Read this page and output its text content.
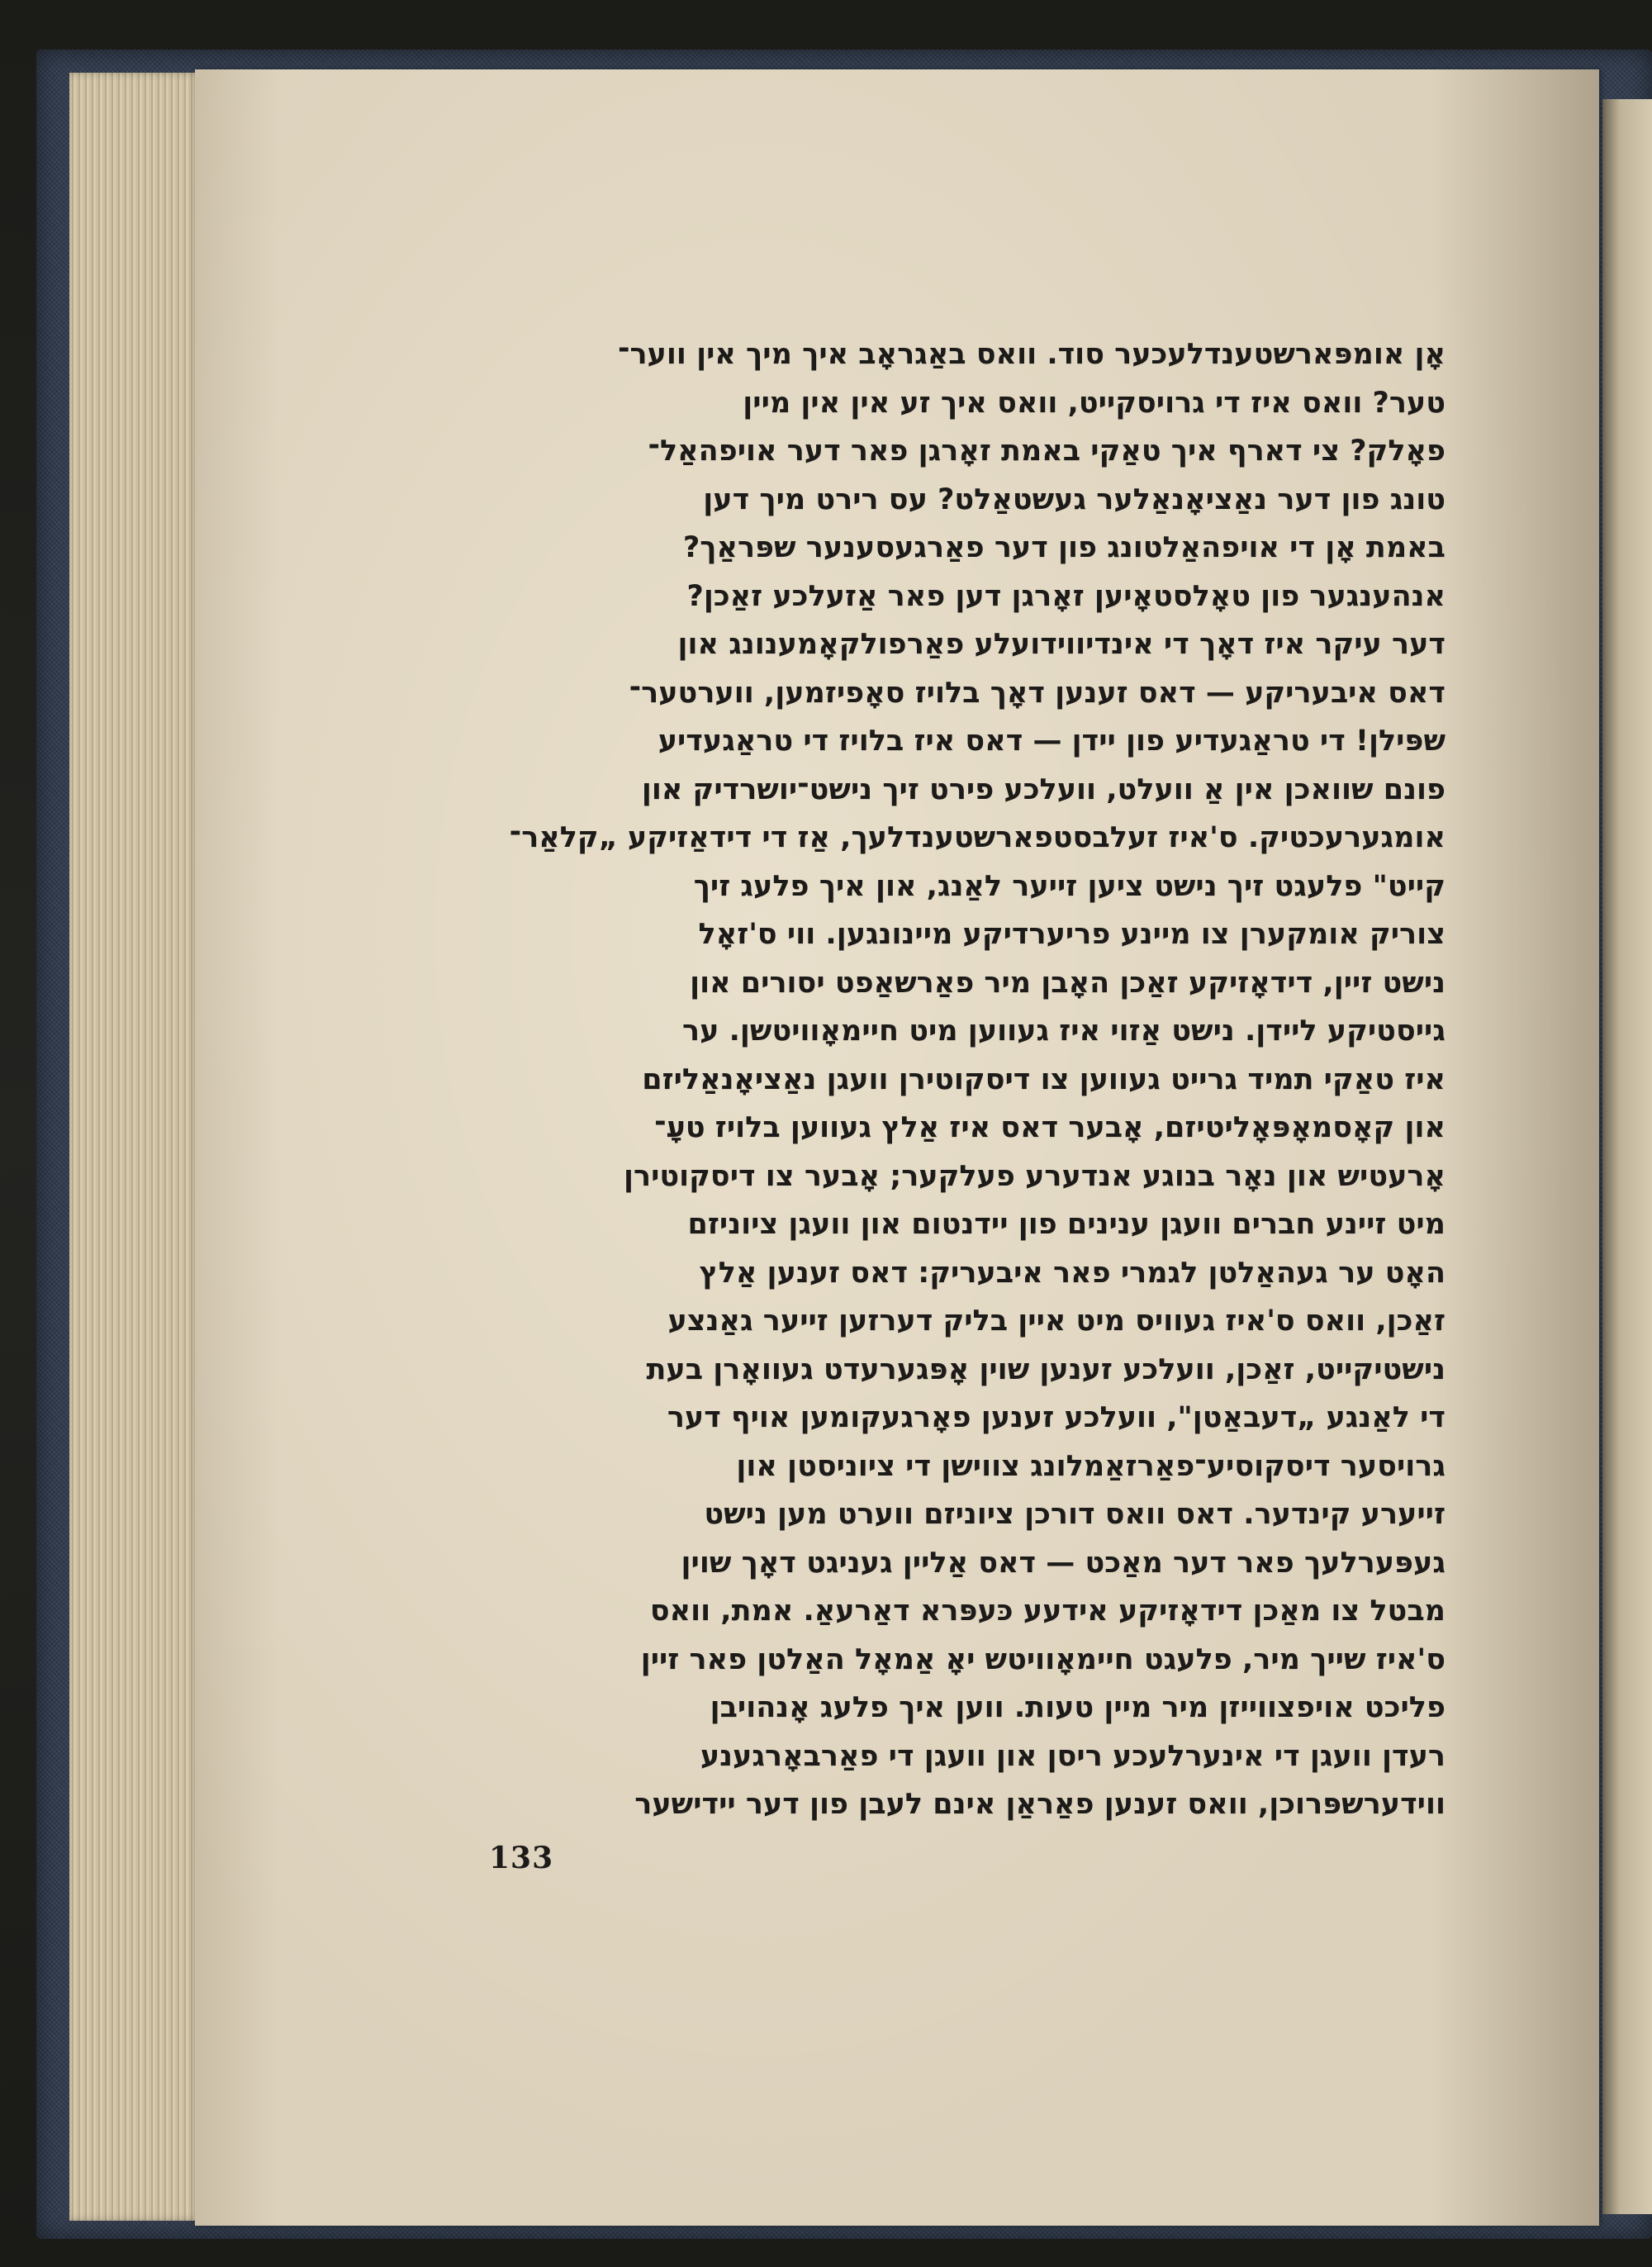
אָן אומפּארשטענדלעכער סוד. וואס באַגראָב איך מיך אין ווער־
טער? וואס איז די גרויסקייט, וואס איך זע אין אין מיין
פאָלק? צי דארף איך טאַקי באמת זאָרגן פאר דער אויפהאַל־
טונג פון דער נאַציאָנאַלער געשטאַלט? עס רירט מיך דען
באמת אָן די אויפהאַלטונג פון דער פאַרגעסענער שפּראַך?
אנהענגער פון טאָלסטאָיען זאָרגן דען פאר אַזעלכע זאַכן?
דער עיקר איז דאָך די אינדיווידועלע פאַרפולקאָמענונג און
דאס איבעריקע — דאס זענען דאָך בלויז סאָפיזמען, ווערטער־
שפּילן! די טראַגעדיע פון יידן — דאס איז בלויז די טראַגעדיע
פונם שוואכן אין אַ וועלט, וועלכע פירט זיך נישט־יושרדיק און
אומגערעכטיק. ס'איז זעלבסטפארשטענדלעך, אַז די דידאַזיקע „קלאַר־
קייט" פלעגט זיך נישט ציען זייער לאַנג, און איך פלעג זיך
צוריק אומקערן צו מיינע פריערדיקע מיינונגען. ווי ס'זאָל
נישט זיין, דידאָזיקע זאַכן האָבן מיר פאַרשאַפט יסורים און
גייסטיקע ליידן. נישט אַזוי איז געווען מיט חיימאָוויטשן. ער
איז טאַקי תמיד גרייט געווען צו דיסקוטירן וועגן נאַציאָנאַליזם
און קאָסמאָפּאָליטיזם, אָבער דאס איז אַלץ געווען בלויז טעָ־
אָרעטיש און נאָר בנוגע אנדערע פעלקער; אָבער צו דיסקוטירן
מיט זיינע חברים וועגן ענינים פון יידנטום און וועגן ציוניזם
האָט ער געהאַלטן לגמרי פאר איבעריק: דאס זענען אַלץ
זאַכן, וואס ס'איז געוויס מיט איין בליק דערזען זייער גאַנצע
נישטיקייט, זאַכן, וועלכע זענען שוין אָפּגערעדט געוואָרן בעת
די לאַנגע „דעבאַטן", וועלכע זענען פאָרגעקומען אויף דער
גרויסער דיסקוסיע־פאַרזאַמלונג צווישן די ציוניסטן און
זייערע קינדער. דאס וואס דורכן ציוניזם ווערט מען נישט
געפּערלעך פאר דער מאַכט — דאס אַליין געניגט דאָך שוין
מבטל צו מאַכן דידאָזיקע אידעע כּעפּרא דאַרעאַ. אמת, וואס
ס'איז שייך מיר, פלעגט חיימאָוויטש יאָ אַמאָל האַלטן פאר זיין
פליכט אויפצווייזן מיר מיין טעות. ווען איך פלעג אָנהויבן
רעדן וועגן די אינערלעכע ריסן און וועגן די פאַרבאָרגענע
ווידערשפּרוכן, וואס זענען פאַראַן אינם לעבן פון דער יידישער
133
